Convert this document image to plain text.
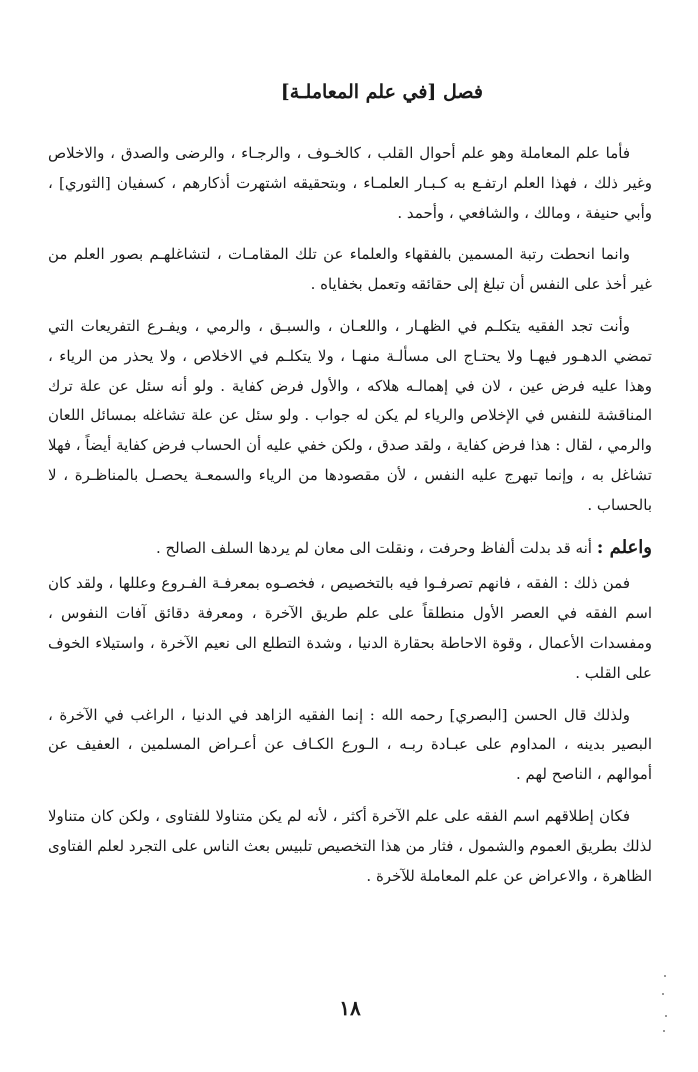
فصل [في علم المعاملـة]

فأما علم المعاملة وهو علم أحوال القلب ، كالخـوف ، والرجـاء ، والرضى والصدق ، والاخلاص وغير ذلك ، فهذا العلم ارتفـع به كـبـار العلمـاء ، وبتحقيقه اشتهرت أذكارهم ، كسفيان [الثوري] ، وأبي حنيفة ، ومالك ، والشافعي ، وأحمد .

وانما انحطت رتبة المسمين بالفقهاء والعلماء عن تلك المقامـات ، لتشاغلهـم بصور العلم من غير أخذ على النفس أن تبلغ إلى حقائقه وتعمل بخفاياه .

وأنت تجد الفقيه يتكلـم في الظهـار ، واللعـان ، والسبـق ، والرمي ، ويفـرع التفريعات التي تمضي الدهـور فيهـا ولا يحتـاج الى مسألـة منهـا ، ولا يتكلـم في الاخلاص ، ولا يحذر من الرياء ، وهذا عليه فرض عين ، لان في إهمالـه هلاكه ، والأول فرض كفاية . ولو أنه سئل عن علة ترك المناقشة للنفس في الإخلاص والرياء لم يكن له جواب . ولو سئل عن علة تشاغله بمسائل اللعان والرمي ، لقال : هذا فرض كفاية ، ولقد صدق ، ولكن خفي عليه أن الحساب فرض كفاية أيضاً ، فهلا تشاغل به ، وإنما تبهرج عليه النفس ، لأن مقصودها من الرياء والسمعـة يحصـل بالمناظـرة ، لا بالحساب .

واعلم : أنه قد بدلت ألفاظ وحرفت ، ونقلت الى معان لم يردها السلف الصالح .

فمن ذلك : الفقه ، فانهم تصرفـوا فيه بالتخصيص ، فخصـوه بمعرفـة الفـروع وعللها ، ولقد كان اسم الفقه في العصر الأول منطلقاً على علم طريق الآخرة ، ومعرفة دقائق آفات النفوس ، ومفسدات الأعمال ، وقوة الاحاطة بحقارة الدنيا ، وشدة التطلع الى نعيم الآخرة ، واستيلاء الخوف على القلب .

ولذلك قال الحسن [البصري] رحمه الله : إنما الفقيه الزاهد في الدنيا ، الراغب في الآخرة ، البصير بدينه ، المداوم على عبـادة ربـه ، الـورع الكـاف عن أعـراض المسلمين ، العفيف عن أموالهم ، الناصح لهم .

فكان إطلاقهم اسم الفقه على علم الآخرة أكثر ، لأنه لم يكن متناولا للفتاوى ، ولكن كان متناولا لذلك بطريق العموم والشمول ، فثار من هذا التخصيص تلبيس بعث الناس على التجرد لعلم الفتاوى الظاهرة ، والاعراض عن علم المعاملة للآخرة .

١٨
